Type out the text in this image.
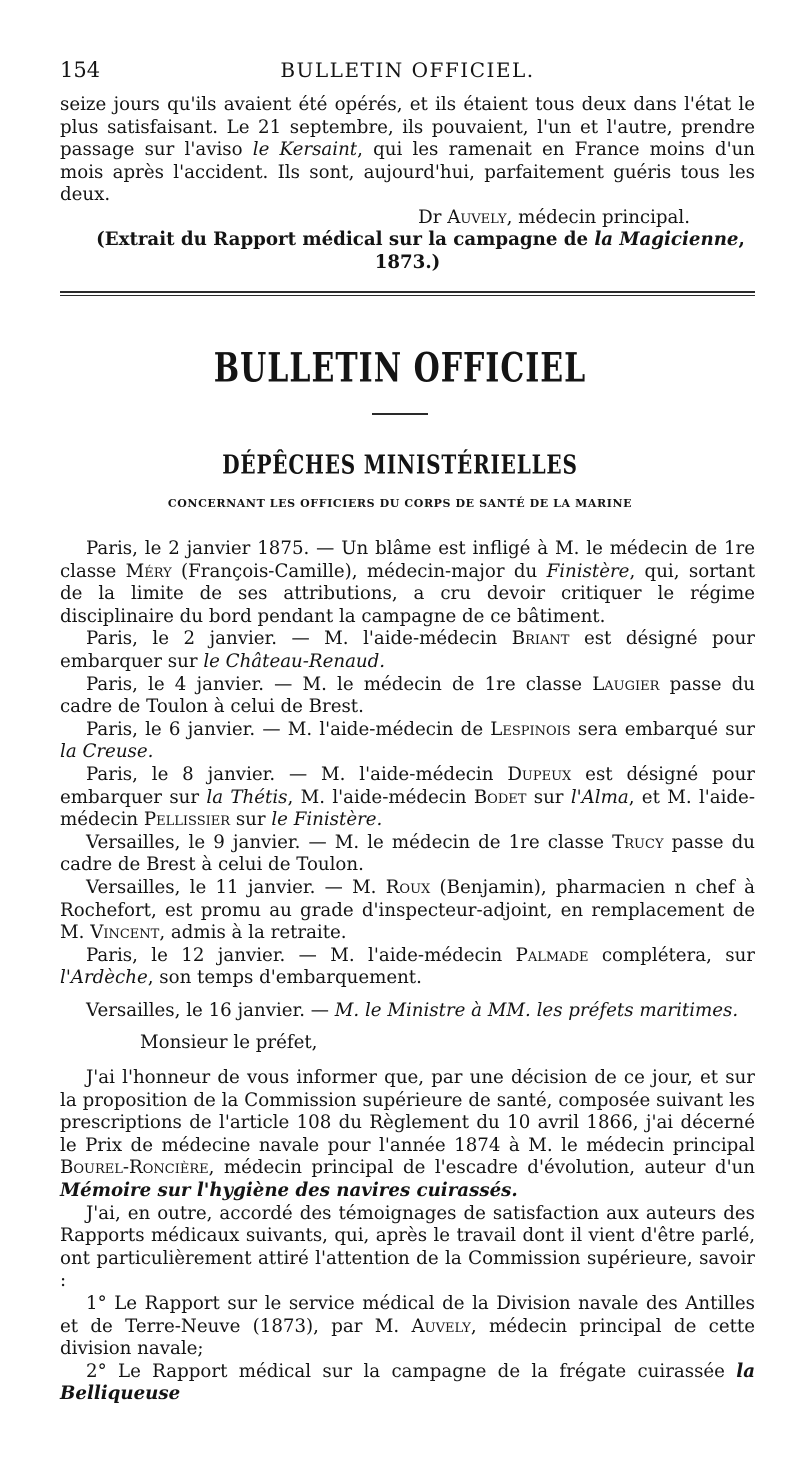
154	BULLETIN OFFICIEL.

seize jours qu'ils avaient été opérés, et ils étaient tous deux dans l'état le plus satisfaisant. Le 21 septembre, ils pouvaient, l'un et l'autre, prendre passage sur l'aviso le Kersaint, qui les ramenait en France moins d'un mois après l'accident. Ils sont, aujourd'hui, parfaitement guéris tous les deux.

Dr Auvely, médecin principal.

(Extrait du Rapport médical sur la campagne de la Magicienne, 1873.)

BULLETIN OFFICIEL
DÉPÊCHES MINISTÉRIELLES
CONCERNANT LES OFFICIERS DU CORPS DE SANTÉ DE LA MARINE

Paris, le 2 janvier 1875. — Un blâme est infligé à M. le médecin de 1re classe Méry (François-Camille), médecin-major du Finistère, qui, sortant de la limite de ses attributions, a cru devoir critiquer le régime disciplinaire du bord pendant la campagne de ce bâtiment.

Paris, le 2 janvier. — M. l'aide-médecin Briant est désigné pour embarquer sur le Château-Renaud.

Paris, le 4 janvier. — M. le médecin de 1re classe Laugier passe du cadre de Toulon à celui de Brest.

Paris, le 6 janvier. — M. l'aide-médecin de Lespinois sera embarqué sur la Creuse.

Paris, le 8 janvier. — M. l'aide-médecin Dupeux est désigné pour embarquer sur la Thétis, M. l'aide-médecin Bodet sur l'Alma, et M. l'aide-médecin Pellissier sur le Finistère.

Versailles, le 9 janvier. — M. le médecin de 1re classe Trucy passe du cadre de Brest à celui de Toulon.

Versailles, le 11 janvier. — M. Roux (Benjamin), pharmacien n chef à Rochefort, est promu au grade d'inspecteur-adjoint, en remplacement de M. Vincent, admis à la retraite.

Paris, le 12 janvier. — M. l'aide-médecin Palmade complétera, sur l'Ardèche, son temps d'embarquement.

Versailles, le 16 janvier. — M. le Ministre à MM. les préfets maritimes.

Monsieur le préfet,

J'ai l'honneur de vous informer que, par une décision de ce jour, et sur la proposition de la Commission supérieure de santé, composée suivant les prescriptions de l'article 108 du Règlement du 10 avril 1866, j'ai décerné le Prix de médecine navale pour l'année 1874 à M. le médecin principal Bourel-Roncière, médecin principal de l'escadre d'évolution, auteur d'un Mémoire sur l'hygiène des navires cuirassés.

J'ai, en outre, accordé des témoignages de satisfaction aux auteurs des Rapports médicaux suivants, qui, après le travail dont il vient d'être parlé, ont particulièrement attiré l'attention de la Commission supérieure, savoir :

1° Le Rapport sur le service médical de la Division navale des Antilles et de Terre-Neuve (1873), par M. Auvely, médecin principal de cette division navale;

2° Le Rapport médical sur la campagne de la frégate cuirassée la Belliqueuse
